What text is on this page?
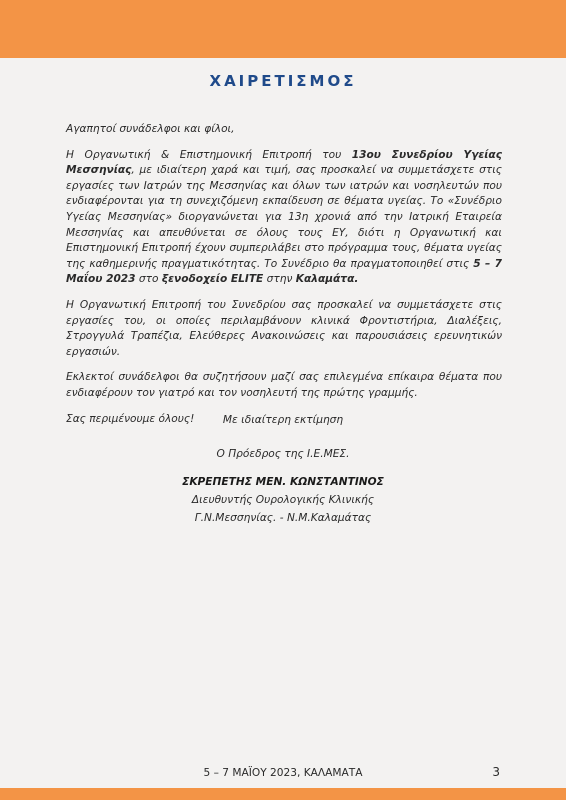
ΧΑΙΡΕΤΙΣΜΟΣ

Αγαπητοί συνάδελφοι και φίλοι,

Η Οργανωτική & Επιστημονική Επιτροπή του 13ου Συνεδρίου Υγείας Μεσσηνίας, με ιδιαίτερη χαρά και τιμή, σας προσκαλεί να συμμετάσχετε στις εργασίες των Ιατρών της Μεσσηνίας και όλων των ιατρών και νοσηλευτών που ενδιαφέρονται για τη συνεχιζόμενη εκπαίδευση σε θέματα υγείας. Το «Συνέδριο Υγείας Μεσσηνίας» διοργανώνεται για 13η χρονιά από την Ιατρική Εταιρεία Μεσσηνίας και απευθύνεται σε όλους τους ΕΥ, διότι η Οργανωτική και Επιστημονική Επιτροπή έχουν συμπεριλάβει στο πρόγραμμα τους, θέματα υγείας της καθημερινής πραγματικότητας. Το Συνέδριο θα πραγματοποιηθεί στις 5 – 7 Μαΐου 2023 στο ξενοδοχείο ELITE στην Καλαμάτα.

Η Οργανωτική Επιτροπή του Συνεδρίου σας προσκαλεί να συμμετάσχετε στις εργασίες του, οι οποίες περιλαμβάνουν κλινικά Φροντιστήρια, Διαλέξεις, Στρογγυλά Τραπέζια, Ελεύθερες Ανακοινώσεις και παρουσιάσεις ερευνητικών εργασιών.

Εκλεκτοί συνάδελφοι θα συζητήσουν μαζί σας επιλεγμένα επίκαιρα θέματα που ενδιαφέρουν τον γιατρό και τον νοσηλευτή της πρώτης γραμμής.

Σας περιμένουμε όλους!	Με ιδιαίτερη εκτίμηση
Ο Πρόεδρος της Ι.Ε.ΜΕΣ.
ΣΚΡΕΠΕΤΗΣ ΜΕΝ. ΚΩΝΣΤΑΝΤΙΝΟΣ
Διευθυντής Ουρολογικής Κλινικής
Γ.Ν.Μεσσηνίας. - Ν.Μ.Καλαμάτας
5 – 7 ΜΑΪΟΥ 2023, ΚΑΛΑΜΑΤΑ	3
